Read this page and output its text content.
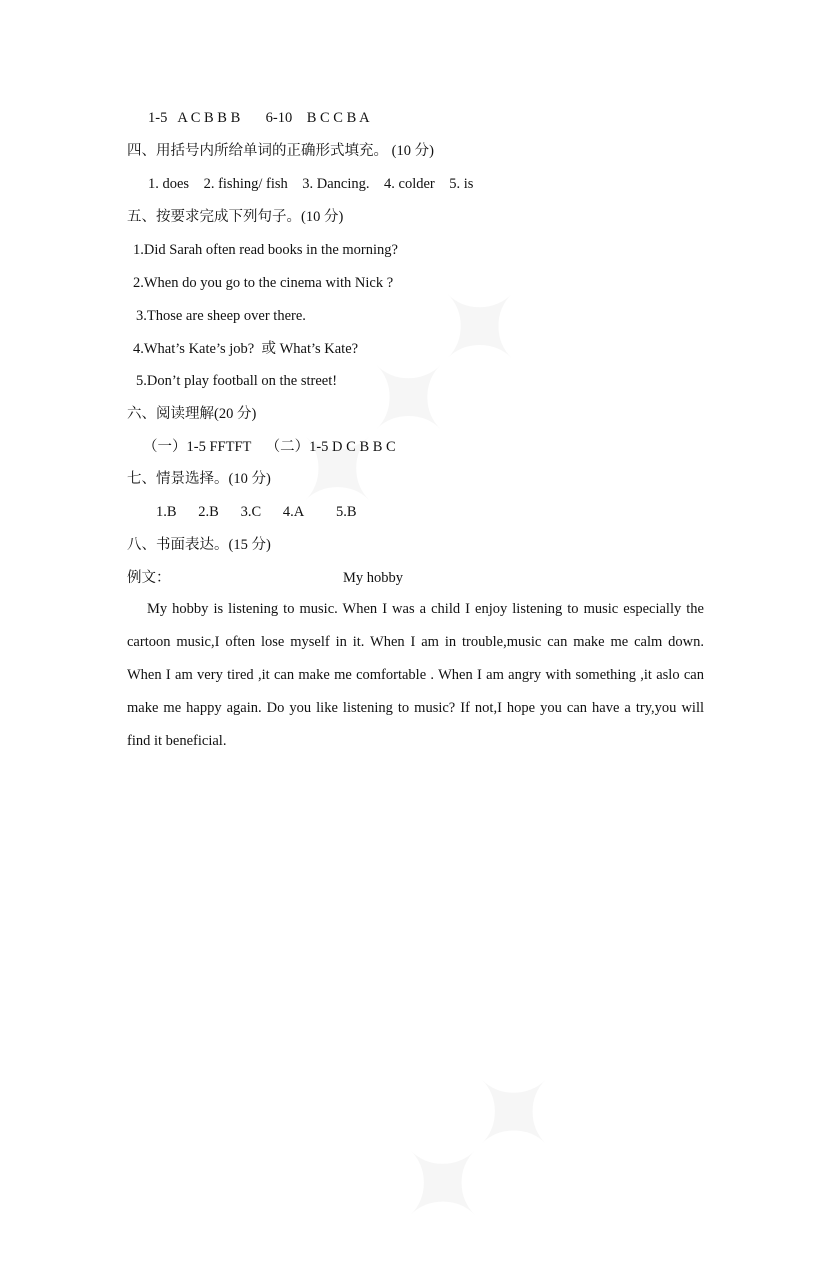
1-5   A C B B B       6-10    B C C B A
四、用括号内所给单词的正确形式填充。 (10 分)
1. does    2. fishing/ fish    3. Dancing.    4. colder    5. is
五、按要求完成下列句子。(10 分)
1.Did Sarah often read books in the morning?
2.When do you go to the cinema with Nick ?
3.Those are sheep over there.
4.What’s Kate’s job?  或 What’s Kate?
5.Don’t play football on the street!
六、阅读理解(20 分)
（一）1-5 FFTFT    （二）1-5 D C B B C
七、情景选择。(10 分)
1.B      2.B      3.C      4.A         5.B
八、书面表达。(15 分)
例文：	My hobby
My hobby is listening to music. When I was a child I enjoy listening to music especially the cartoon music,I often lose myself in it. When I am in trouble,music can make me calm down. When I am very tired ,it can make me comfortable . When I am angry with something ,it aslo can make me happy again. Do you like listening to music? If not,I hope you can have a try,you will find it beneficial.
